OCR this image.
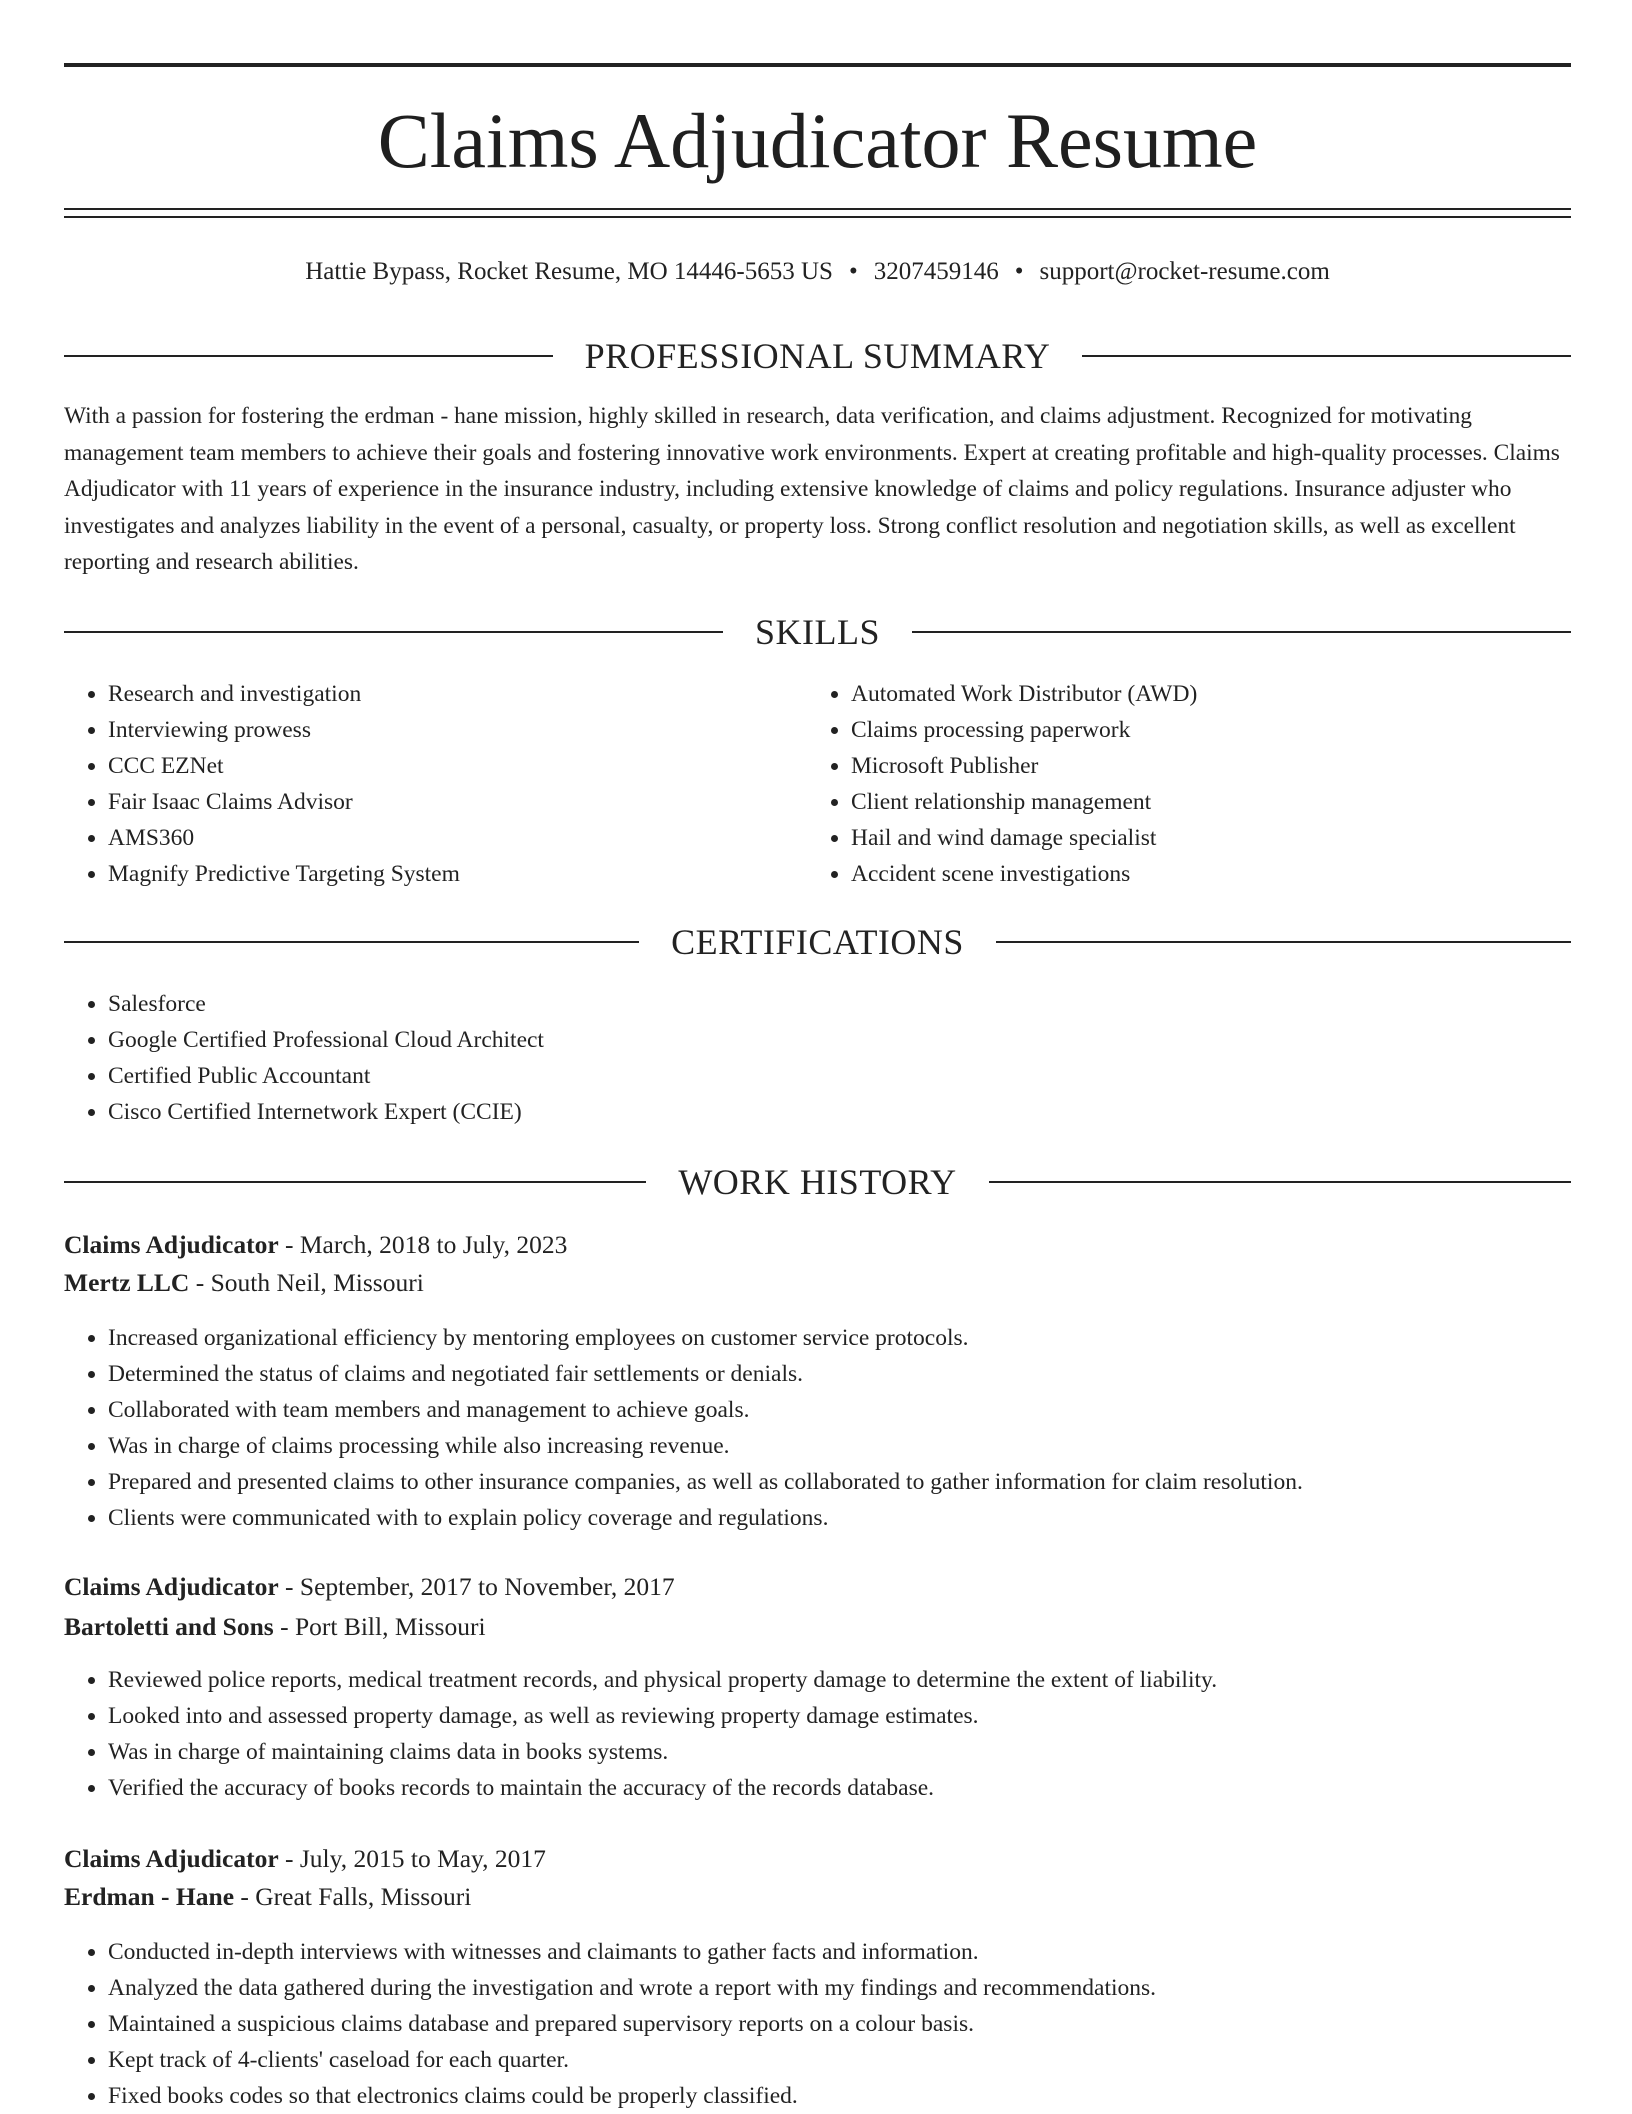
Claims Adjudicator Resume
Hattie Bypass, Rocket Resume, MO 14446-5653 US • 3207459146 • support@rocket-resume.com
PROFESSIONAL SUMMARY

With a passion for fostering the erdman - hane mission, highly skilled in research, data verification, and claims adjustment. Recognized for motivating management team members to achieve their goals and fostering innovative work environments. Expert at creating profitable and high-quality processes. Claims Adjudicator with 11 years of experience in the insurance industry, including extensive knowledge of claims and policy regulations. Insurance adjuster who investigates and analyzes liability in the event of a personal, casualty, or property loss. Strong conflict resolution and negotiation skills, as well as excellent reporting and research abilities.

SKILLS
• Research and investigation
• Interviewing prowess
• CCC EZNet
• Fair Isaac Claims Advisor
• AMS360
• Magnify Predictive Targeting System
• Automated Work Distributor (AWD)
• Claims processing paperwork
• Microsoft Publisher
• Client relationship management
• Hail and wind damage specialist
• Accident scene investigations
CERTIFICATIONS
• Salesforce
• Google Certified Professional Cloud Architect
• Certified Public Accountant
• Cisco Certified Internetwork Expert (CCIE)
WORK HISTORY
Claims Adjudicator - March, 2018 to July, 2023
Mertz LLC - South Neil, Missouri
• Increased organizational efficiency by mentoring employees on customer service protocols.
• Determined the status of claims and negotiated fair settlements or denials.
• Collaborated with team members and management to achieve goals.
• Was in charge of claims processing while also increasing revenue.
• Prepared and presented claims to other insurance companies, as well as collaborated to gather information for claim resolution.
• Clients were communicated with to explain policy coverage and regulations.
Claims Adjudicator - September, 2017 to November, 2017
Bartoletti and Sons - Port Bill, Missouri
• Reviewed police reports, medical treatment records, and physical property damage to determine the extent of liability.
• Looked into and assessed property damage, as well as reviewing property damage estimates.
• Was in charge of maintaining claims data in books systems.
• Verified the accuracy of books records to maintain the accuracy of the records database.
Claims Adjudicator - July, 2015 to May, 2017
Erdman - Hane - Great Falls, Missouri
• Conducted in-depth interviews with witnesses and claimants to gather facts and information.
• Analyzed the data gathered during the investigation and wrote a report with my findings and recommendations.
• Maintained a suspicious claims database and prepared supervisory reports on a colour basis.
• Kept track of 4-clients' caseload for each quarter.
• Fixed books codes so that electronics claims could be properly classified.
